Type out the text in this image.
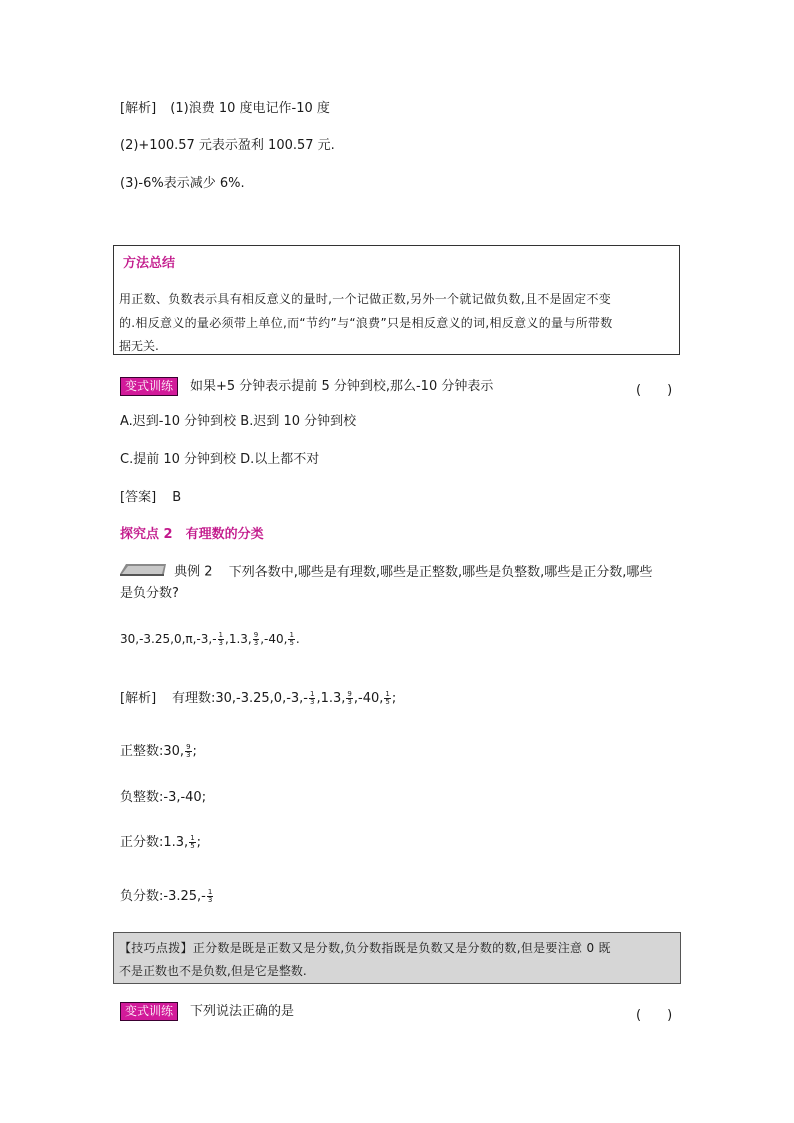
[解析] (1)浪费 10 度电记作-10 度
(2)+100.57 元表示盈利 100.57 元.
(3)-6%表示减少 6%.
方法总结
用正数、负数表示具有相反意义的量时,一个记做正数,另外一个就记做负数,且不是固定不变
的.相反意义的量必须带上单位,而“节约”与“浪费”只是相反意义的词,相反意义的量与所带数
据无关.
变式训练 如果+5 分钟表示提前 5 分钟到校,那么-10 分钟表示	(　　)
A.迟到-10 分钟到校 B.迟到 10 分钟到校
C.提前 10 分钟到校 D.以上都不对
[答案] B
探究点 2　有理数的分类
典例 2 下列各数中,哪些是有理数,哪些是正整数,哪些是负整数,哪些是正分数,哪些
是负分数?
$30,-3.25,0,\pi,-3,- \frac{1}{3} ,1.3$, $\frac{9}{3} ,-40$, $\frac{1}{5}$ .
[解析] 有理数:30,-3.25,0,-3,- $\frac{1}{3} ,1.3$, $\frac{9}{3} ,-40$, $\frac{1}{5}$ ;
正整数:30, $\frac{9}{3}$ ;
负整数:-3,-40;
正分数:1.3, $\frac{1}{5}$ ;
负分数:-3.25,- $\frac{1}{3}$
【技巧点拨】正分数是既是正数又是分数,负分数指既是负数又是分数的数,但是要注意 0 既
不是正数也不是负数,但是它是整数.
变式训练 下列说法正确的是	(　　)
